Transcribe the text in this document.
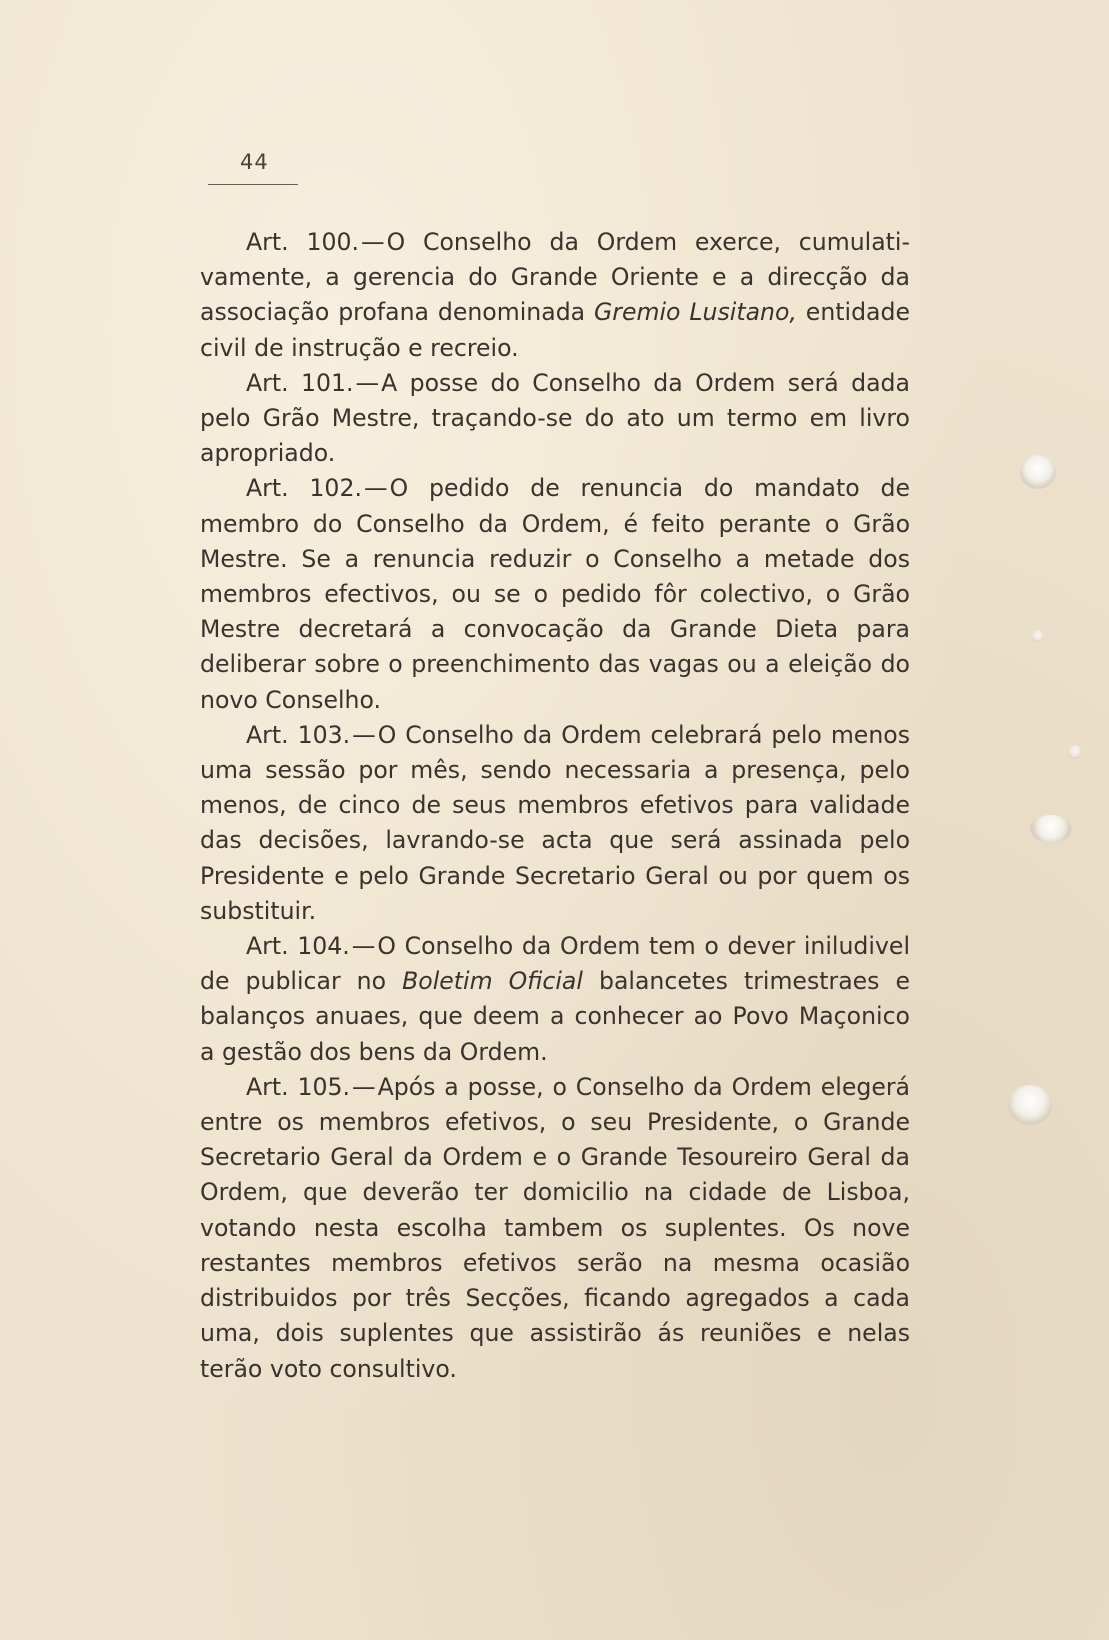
44

Art. 100.—O Conselho da Ordem exerce, cumulativamente, a gerencia do Grande Oriente e a direcção da associação profana denominada Gremio Lusitano, entidade civil de instrução e recreio.

Art. 101.—A posse do Conselho da Ordem será dada pelo Grão Mestre, traçando-se do ato um termo em livro apropriado.

Art. 102.—O pedido de renuncia do mandato de membro do Conselho da Ordem, é feito perante o Grão Mestre. Se a renuncia reduzir o Conselho a metade dos membros efectivos, ou se o pedido fôr colectivo, o Grão Mestre decretará a convocação da Grande Dieta para deliberar sobre o preenchimento das vagas ou a eleição do novo Conselho.

Art. 103.—O Conselho da Ordem celebrará pelo menos uma sessão por mês, sendo necessaria a presença, pelo menos, de cinco de seus membros efetivos para validade das decisões, lavrando-se acta que será assinada pelo Presidente e pelo Grande Secretario Geral ou por quem os substituir.

Art. 104.—O Conselho da Ordem tem o dever iniludivel de publicar no Boletim Oficial balancetes trimestraes e balanços anuaes, que deem a conhecer ao Povo Maçonico a gestão dos bens da Ordem.

Art. 105.—Após a posse, o Conselho da Ordem elegerá entre os membros efetivos, o seu Presidente, o Grande Secretario Geral da Ordem e o Grande Tesoureiro Geral da Ordem, que deverão ter domicilio na cidade de Lisboa, votando nesta escolha tambem os suplentes. Os nove restantes membros efetivos serão na mesma ocasião distribuidos por três Secções, ficando agregados a cada uma, dois suplentes que assistirão ás reuniões e nelas terão voto consultivo.
